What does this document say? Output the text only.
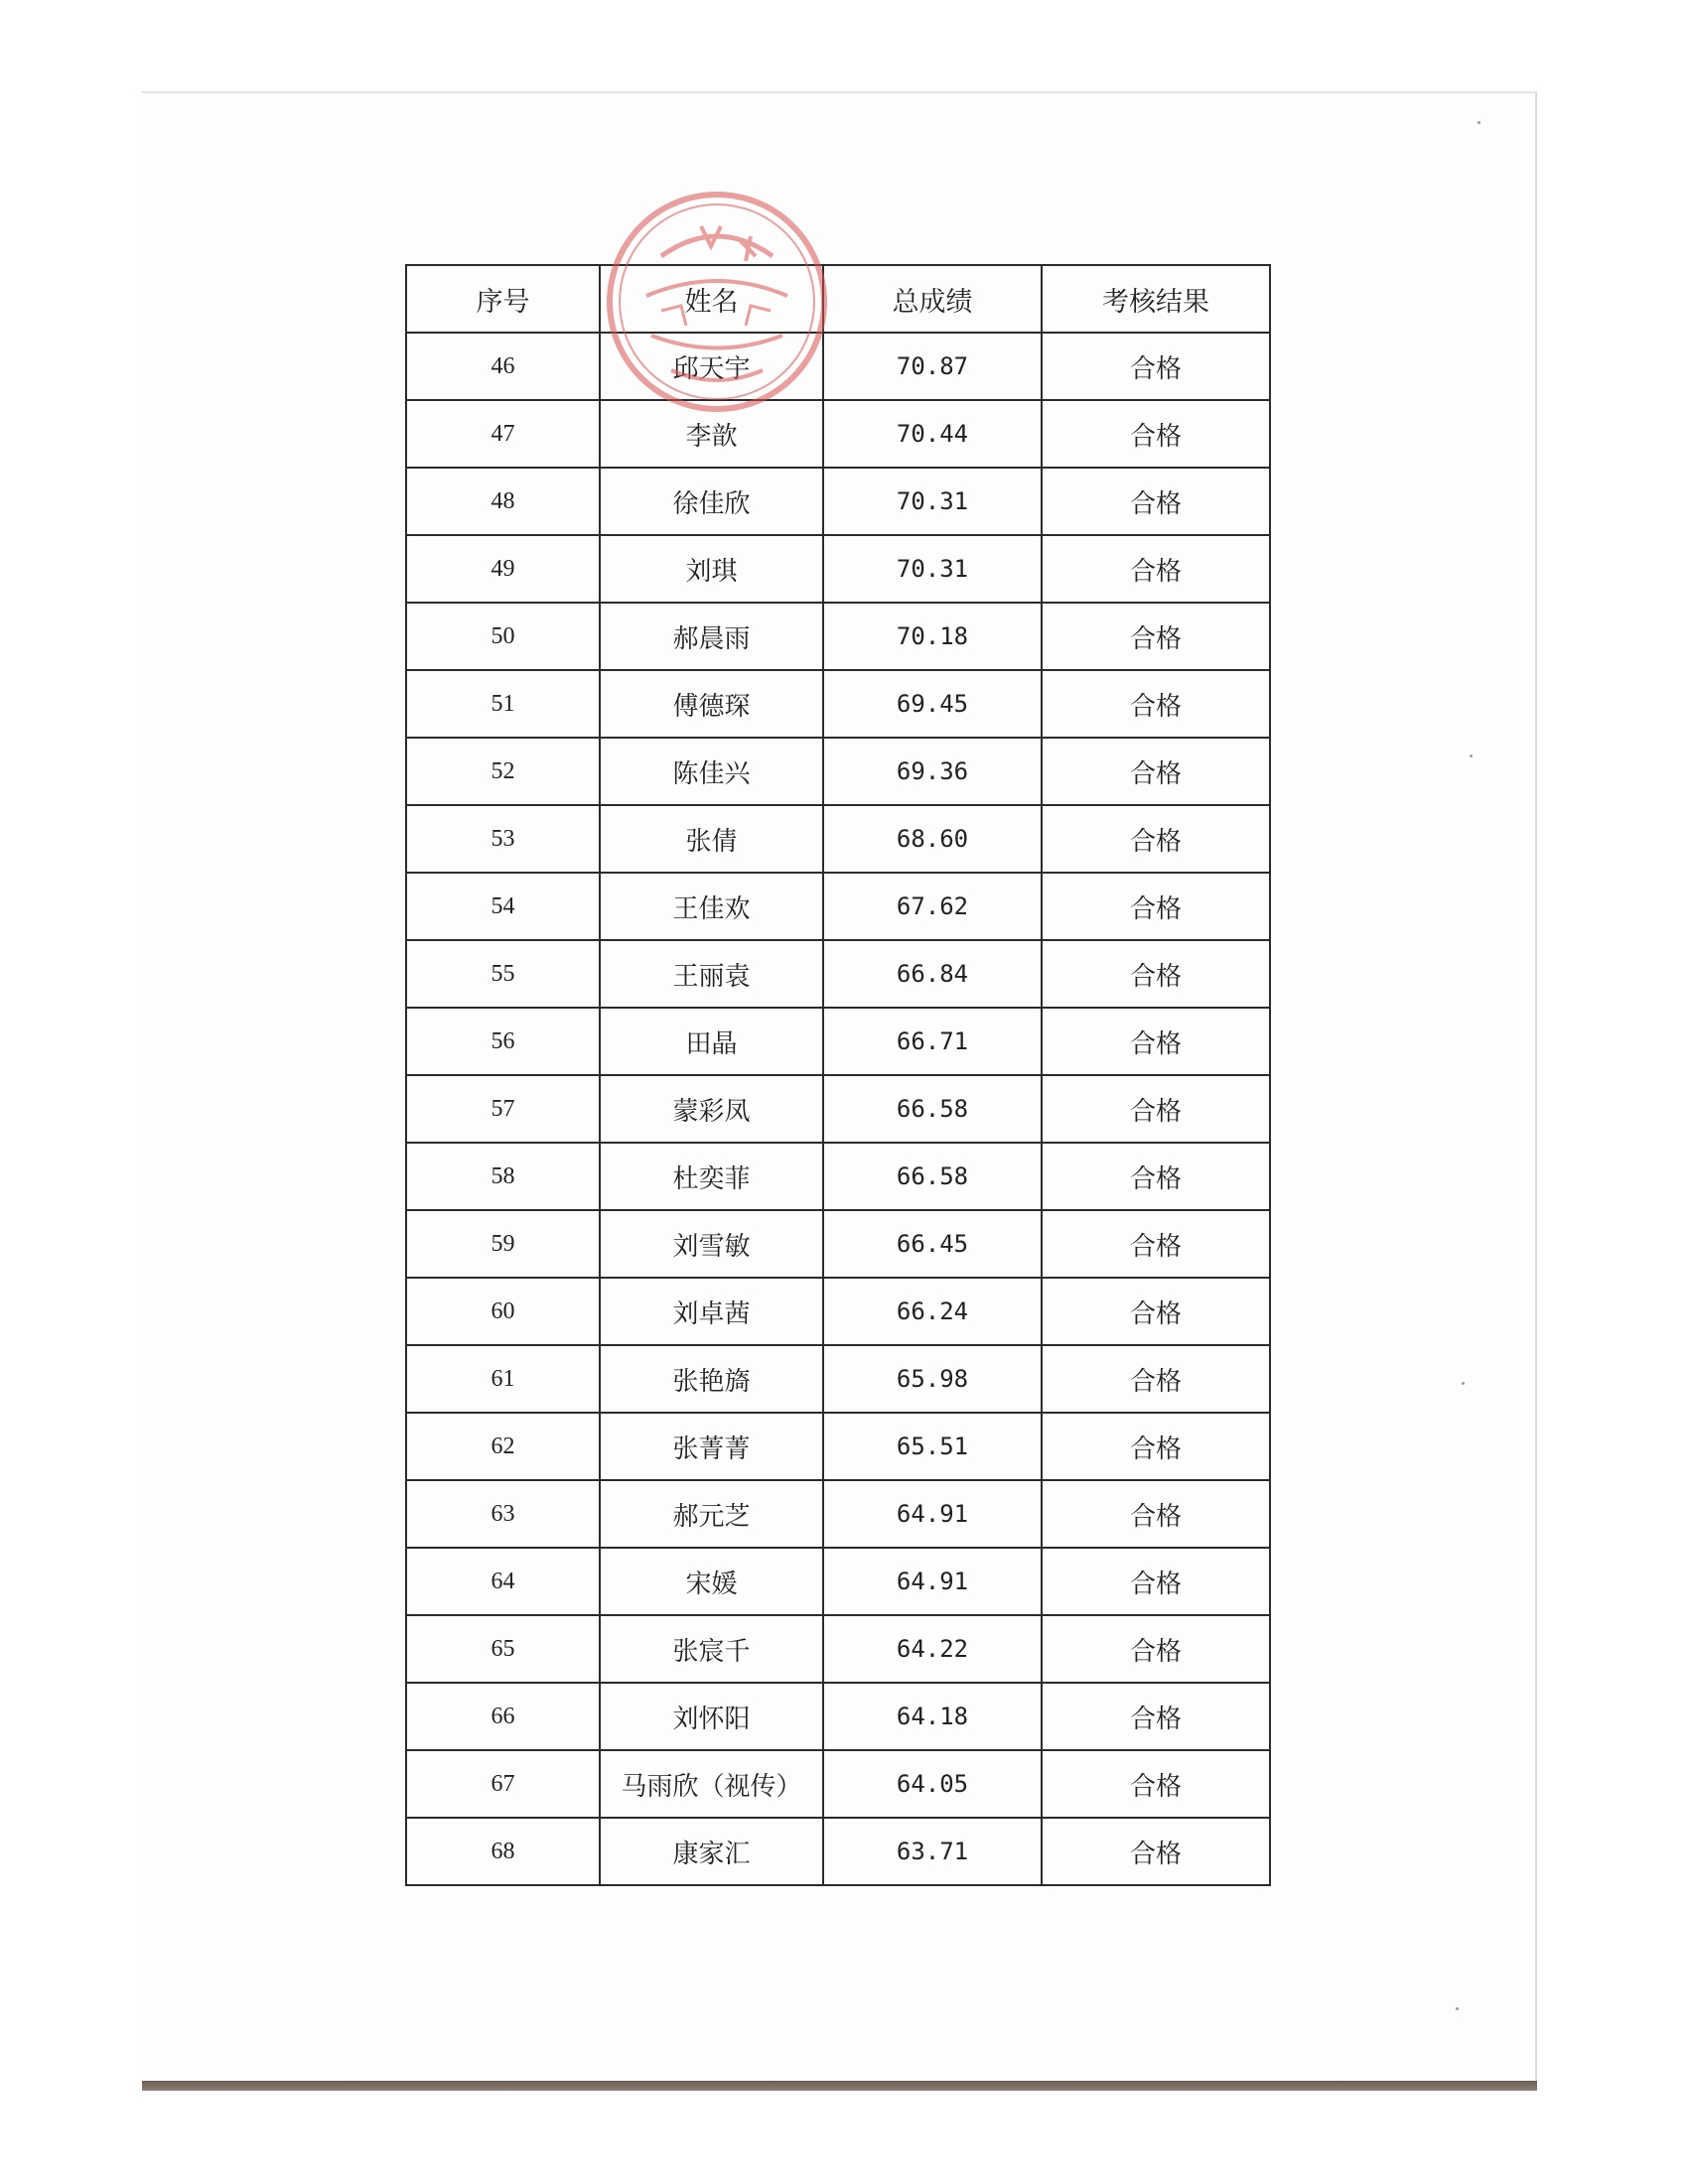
序号	姓名	总成绩	考核结果
46	邱天宇	70.87	合格
47	李歆	70.44	合格
48	徐佳欣	70.31	合格
49	刘琪	70.31	合格
50	郝晨雨	70.18	合格
51	傅德琛	69.45	合格
52	陈佳兴	69.36	合格
53	张倩	68.60	合格
54	王佳欢	67.62	合格
55	王丽袁	66.84	合格
56	田晶	66.71	合格
57	蒙彩凤	66.58	合格
58	杜奕菲	66.58	合格
59	刘雪敏	66.45	合格
60	刘卓茜	66.24	合格
61	张艳旖	65.98	合格
62	张菁菁	65.51	合格
63	郝元芝	64.91	合格
64	宋媛	64.91	合格
65	张宸千	64.22	合格
66	刘怀阳	64.18	合格
67	马雨欣（视传）	64.05	合格
68	康家汇	63.71	合格
